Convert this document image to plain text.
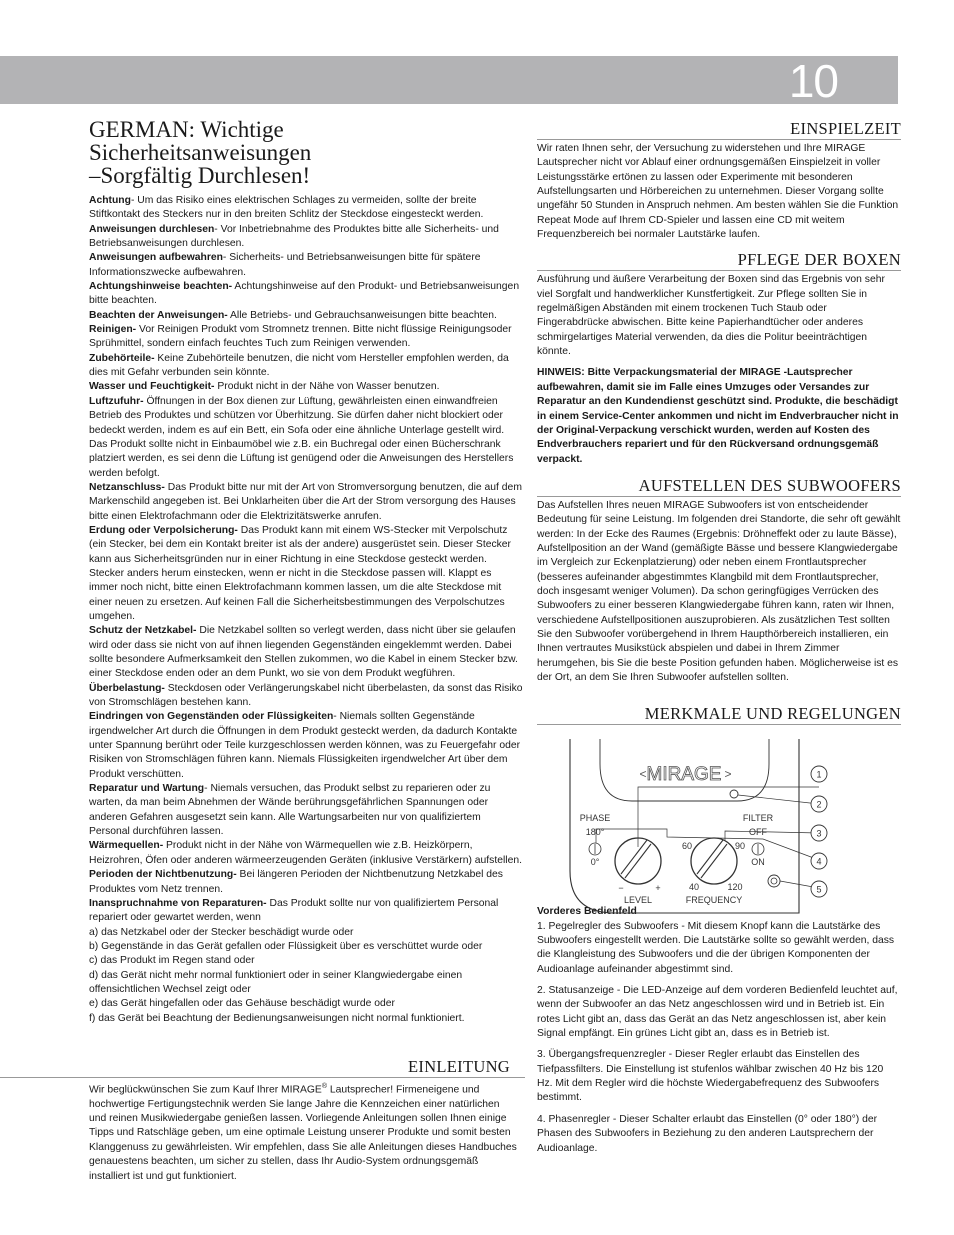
10
GERMAN: Wichtige
Sicherheitsanweisungen
–Sorgfältig Durchlesen!

Achtung- Um das Risiko eines elektrischen Schlages zu vermeiden, sollte der breite Stiftkontakt des Steckers nur in den breiten Schlitz der Steckdose eingesteckt werden.

Anweisungen durchlesen- Vor Inbetriebnahme des Produktes bitte alle Sicherheits- und Betriebsanweisungen durchlesen.

Anweisungen aufbewahren- Sicherheits- und Betriebsanweisungen bitte für spätere Informationszwecke aufbewahren.

Achtungshinweise beachten- Achtungshinweise auf den Produkt- und Betriebsanweisungen bitte beachten.

Beachten der Anweisungen- Alle Betriebs- und Gebrauchsanweisungen bitte beachten.

Reinigen- Vor Reinigen Produkt vom Stromnetz trennen. Bitte nicht flüssige Reinigungsoder Sprühmittel, sondern einfach feuchtes Tuch zum Reinigen verwenden.

Zubehörteile- Keine Zubehörteile benutzen, die nicht vom Hersteller empfohlen werden, da dies mit Gefahr verbunden sein könnte.

Wasser und Feuchtigkeit- Produkt nicht in der Nähe von Wasser benutzen.

Luftzufuhr- Öffnungen in der Box dienen zur Lüftung, gewährleisten einen einwandfreien Betrieb des Produktes und schützen vor Überhitzung. Sie dürfen daher nicht blockiert oder bedeckt werden, indem es auf ein Bett, ein Sofa oder eine ähnliche Unterlage gestellt wird. Das Produkt sollte nicht in Einbaumöbel wie z.B. ein Buchregal oder einen Bücherschrank platziert werden, es sei denn die Lüftung ist genügend oder die Anweisungen des Herstellers werden befolgt.

Netzanschluss- Das Produkt bitte nur mit der Art von Stromversorgung benutzen, die auf dem Markenschild angegeben ist. Bei Unklarheiten über die Art der Strom versorgung des Hauses bitte einen Elektrofachmann oder die Elektrizitätswerke anrufen.

Erdung oder Verpolsicherung- Das Produkt kann mit einem WS-Stecker mit Verpolschutz (ein Stecker, bei dem ein Kontakt breiter ist als der andere) ausgerüstet sein. Dieser Stecker kann aus Sicherheitsgründen nur in einer Richtung in eine Steckdose gesteckt werden. Stecker anders herum einstecken, wenn er nicht in die Steckdose passen will. Klappt es immer noch nicht, bitte einen Elektrofachmann kommen lassen, um die alte Steckdose mit einer neuen zu ersetzen. Auf keinen Fall die Sicherheitsbestimmungen des Verpolschutzes umgehen.

Schutz der Netzkabel- Die Netzkabel sollten so verlegt werden, dass nicht über sie gelaufen wird oder dass sie nicht von auf ihnen liegenden Gegenständen eingeklemmt werden. Dabei sollte besondere Aufmerksamkeit den Stellen zukommen, wo die Kabel in einem Stecker bzw. einer Steckdose enden oder an dem Punkt, wo sie von dem Produkt wegführen.

Überbelastung- Steckdosen oder Verlängerungskabel nicht überbelasten, da sonst das Risiko von Stromschlägen bestehen kann.

Eindringen von Gegenständen oder Flüssigkeiten- Niemals sollten Gegenstände irgendwelcher Art durch die Öffnungen in dem Produkt gesteckt werden, da dadurch Kontakte unter Spannung berührt oder Teile kurzgeschlossen werden können, was zu Feuergefahr oder Risiken von Stromschlägen führen kann. Niemals Flüssigkeiten irgendwelcher Art über dem Produkt verschütten.

Reparatur und Wartung- Niemals versuchen, das Produkt selbst zu reparieren oder zu warten, da man beim Abnehmen der Wände berührungsgefährlichen Spannungen oder anderen Gefahren ausgesetzt sein kann. Alle Wartungsarbeiten nur von qualifiziertem Personal durchführen lassen.

Wärmequellen- Produkt nicht in der Nähe von Wärmequellen wie z.B. Heizkörpern, Heizrohren, Öfen oder anderen wärmeerzeugenden Geräten (inklusive Verstärkern) aufstellen.

Perioden der Nichtbenutzung- Bei längeren Perioden der Nichtbenutzung Netzkabel des Produktes vom Netz trennen.

Inanspruchnahme von Reparaturen- Das Produkt sollte nur von qualifiziertem Personal repariert oder gewartet werden, wenn

a) das Netzkabel oder der Stecker beschädigt wurde oder

b) Gegenstände in das Gerät gefallen oder Flüssigkeit über es verschüttet wurde oder

c) das Produkt im Regen stand oder

d) das Gerät nicht mehr normal funktioniert oder in seiner Klangwiedergabe einen offensichtlichen Wechsel zeigt oder

e) das Gerät hingefallen oder das Gehäuse beschädigt wurde oder

f) das Gerät bei Beachtung der Bedienungsanweisungen nicht normal funktioniert.

EINLEITUNG

Wir beglückwünschen Sie zum Kauf Ihrer MIRAGE® Lautsprecher! Firmeneigene und hochwertige Fertigungstechnik werden Sie lange Jahre die Kennzeichen einer natürlichen und reinen Musikwiedergabe genießen lassen. Vorliegende Anleitungen sollen Ihnen einige Tipps und Ratschläge geben, um eine optimale Leistung unserer Produkte und somit besten Klanggenuss zu gewährleisten. Wir empfehlen, dass Sie alle Anleitungen dieses Handbuches genauestens beachten, um sicher zu stellen, dass Ihr Audio-System ordnungsgemäß installiert ist und gut funktioniert.

EINSPIELZEIT

Wir raten Ihnen sehr, der Versuchung zu widerstehen und Ihre MIRAGE Lautsprecher nicht vor Ablauf einer ordnungsgemäßen Einspielzeit in voller Leistungsstärke ertönen zu lassen oder Experimente mit besonderen Aufstellungsarten und Hörbereichen zu unternehmen. Dieser Vorgang sollte ungefähr 50 Stunden in Anspruch nehmen. Am besten wählen Sie die Funktion Repeat Mode auf Ihrem CD-Spieler und lassen eine CD mit weitem Frequenzbereich bei normaler Lautstärke laufen.

PFLEGE DER BOXEN

Ausführung und äußere Verarbeitung der Boxen sind das Ergebnis von sehr viel Sorgfalt und handwerklicher Kunstfertigkeit. Zur Pflege sollten Sie in regelmäßigen Abständen mit einem trockenen Tuch Staub oder Fingerabdrücke abwischen. Bitte keine Papierhandtücher oder anderes schmirgelartiges Material verwenden, da dies die Politur beeinträchtigen könnte.

HINWEIS: Bitte Verpackungsmaterial der MIRAGE -Lautsprecher aufbewahren, damit sie im Falle eines Umzuges oder Versandes zur Reparatur an den Kundendienst geschützt sind. Produkte, die beschädigt in einem Service-Center ankommen und nicht im Endverbraucher nicht in der Original-Verpackung verschickt wurden, werden auf Kosten des Endverbrauchers repariert und für den Rückversand ordnungsgemäß verpackt.

AUFSTELLEN DES SUBWOOFERS

Das Aufstellen Ihres neuen MIRAGE Subwoofers ist von entscheidender Bedeutung für seine Leistung. Im folgenden drei Standorte, die sehr oft gewählt werden: In der Ecke des Raumes (Ergebnis: Dröhneffekt oder zu laute Bässe), Aufstellposition an der Wand (gemäßigte Bässe und bessere Klangwiedergabe im Vergleich zur Eckenplatzierung) oder neben einem Frontlautsprecher (besseres aufeinander abgestimmtes Klangbild mit dem Frontlautsprecher, doch insgesamt weniger Volumen). Da schon geringfügiges Verrücken des Subwoofers zu einer besseren Klangwiedergabe führen kann, raten wir Ihnen, verschiedene Aufstellpositionen auszuprobieren. Als zusätzlichen Test sollten Sie den Subwoofer vorübergehend in Ihrem Haupthörbereich installieren, ein Ihnen vertrautes Musikstück abspielen und dabei in Ihrem Zimmer herumgehen, bis Sie die beste Position gefunden haben. Möglicherweise ist es der Ort, an dem Sie Ihren Subwoofer aufstellen sollten.

MERKMALE UND REGELUNGEN

Vorderes Bedienfeld

1. Pegelregler des Subwoofers - Mit diesem Knopf kann die Lautstärke des Subwoofers eingestellt werden. Die Lautstärke sollte so gewählt werden, dass die Klangleistung des Subwoofers und die der übrigen Komponenten der Audioanlage aufeinander abgestimmt sind.

2. Statusanzeige - Die LED-Anzeige auf dem vorderen Bedienfeld leuchtet auf, wenn der Subwoofer an das Netz angeschlossen wird und in Betrieb ist. Ein rotes Licht gibt an, dass das Gerät an das Netz angeschlossen ist, aber kein Signal empfängt. Ein grünes Licht gibt an, dass es in Betrieb ist.

3. Übergangsfrequenzregler - Dieser Regler erlaubt das Einstellen des Tiefpassfilters. Die Einstellung ist stufenlos wählbar zwischen 40 Hz bis 120 Hz. Mit dem Regler wird die höchste Wiedergabefrequenz des Subwoofers bestimmt.

4. Phasenregler - Dieser Schalter erlaubt das Einstellen (0° oder 180°) der Phasen des Subwoofers in Beziehung zu den anderen Lautsprechern der Audioanlage.

MIRAGE
<	>
PHASE
180°
0°
−	+
LEVEL
60	90
40	120
FREQUENCY
FILTER
OFF
ON
1
2
3
4
5
